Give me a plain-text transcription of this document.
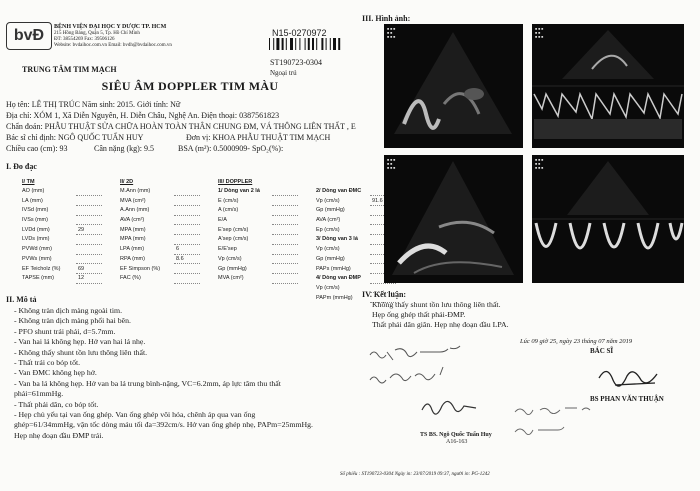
bvĐ	BỆNH VIỆN ĐẠI HỌC Y DƯỢC TP. HCM
215 Hồng Bàng, Quận 5, Tp. Hồ Chí Minh
ĐT: 38554269 Fax: 39506126
Website: bvdaihoc.com.vn Email: bvdh@bvdaihoc.com.vn
N15-0270972
ST190723-0304
Ngoại trú
TRUNG TÂM TIM MẠCH
SIÊU ÂM DOPPLER TIM MÀU
Họ tên: LÊ THỊ TRÚC Năm sinh: 2015. Giới tính: Nữ
Địa chỉ: XÓM 1, Xã Diễn Nguyên, H. Diễn Châu, Nghệ An. Điện thoại: 0387561823
Chẩn đoán: PHẪU THUẬT SỬA CHỮA HOÀN TOÀN THÂN CHUNG ĐM, VÁ THÔNG LIÊN THẤT , E
Bác sĩ chỉ định: NGÔ QUỐC TUẤN HUY	Đơn vị: KHOA PHẪU THUẬT TIM MẠCH
Chiều cao (cm): 93	Cân nặng (kg): 9.5	BSA (m²): 0.5000909- SpO₂(%):
I. Đo đạc
I/ TM			II/ 2D			III/ DOPPLER				
AO (mm)			M.Ann (mm)			1/ Dòng van 2 lá			2/ Dòng van ĐMC	
LA (mm)			MVA (cm²)			E (cm/s)			Vp (cm/s)	91.6
IVSd (mm)			A.Ann (mm)			A (cm/s)			Gp (mmHg)	
IVSs (mm)			AVA (cm²)			E/A			AVA (cm²)	
LVDd (mm)	29		MPA (mm)			E'sep (cm/s)			Ep (cm/s)	
LVDs (mm)			MPA (mm)			A'sep (cm/s)			3/ Dòng van 3 lá	
PVWd (mm)			LPA (mm)	6		E/E'sep			Vp (cm/s)	
PVWs (mm)			RPA (mm)	8.6		Vp (cm/s)			Gp (mmHg)	
EF Teicholz (%)	69		EF Simpson (%)			Gp (mmHg)			PAPs (mmHg)	
TAPSE (mm)	12		FAC (%)			MVA (cm²)			4/ Dòng van ĐMP	
									Vp (cm/s)	
									PAPm (mmHg)	
II. Mô tả
- Không tràn dịch màng ngoài tim.
- Không tràn dịch màng phổi hai bên.
- PFO shunt trái phải, d=5.7mm.
- Van hai lá không hẹp. Hở van hai lá nhẹ.
- Không thấy shunt tồn lưu thông liên thất.
- Thất trái co bóp tốt.
- Van ĐMC không hẹp hở.
- Van ba lá không hẹp. Hở van ba lá trung bình-nặng, VC=6.2mm, áp lực tâm thu thất
phải=61mmHg.
- Thất phải dãn, co bóp tốt.
- Hẹp chủ yếu tại van ống ghép. Van ống ghép vôi hóa, chênh áp qua van ống
ghép=61/34mmHg, vận tốc dòng máu tối đa=392cm/s. Hở van ống ghép nhẹ, PAPm=25mmHg.
Hẹp nhẹ đoạn đầu ĐMP trái.
III. Hình ảnh:
■ ■ ■
■ ■
■ ■ ■
■ ■ ■
■ ■
■ ■ ■
■ ■ ■
■ ■
■ ■ ■
■ ■ ■
■ ■
■ ■ ■
IV. Kết luận:
Không thấy shunt tồn lưu thông liên thất.
Hẹp ống ghép thất phải-ĐMP.
Thất phải dãn giãn. Hẹp nhẹ đoạn đầu LPA.
Lúc 09 giờ 25, ngày 23 tháng 07 năm 2019
BÁC SĨ
BS PHAN VĂN THUẬN
TS BS. Ngô Quốc Tuấn Huy
A16-163
Số phiếu : ST190723-0304 Ngày in: 23/07/2019 09:37, người in: PG-1242
